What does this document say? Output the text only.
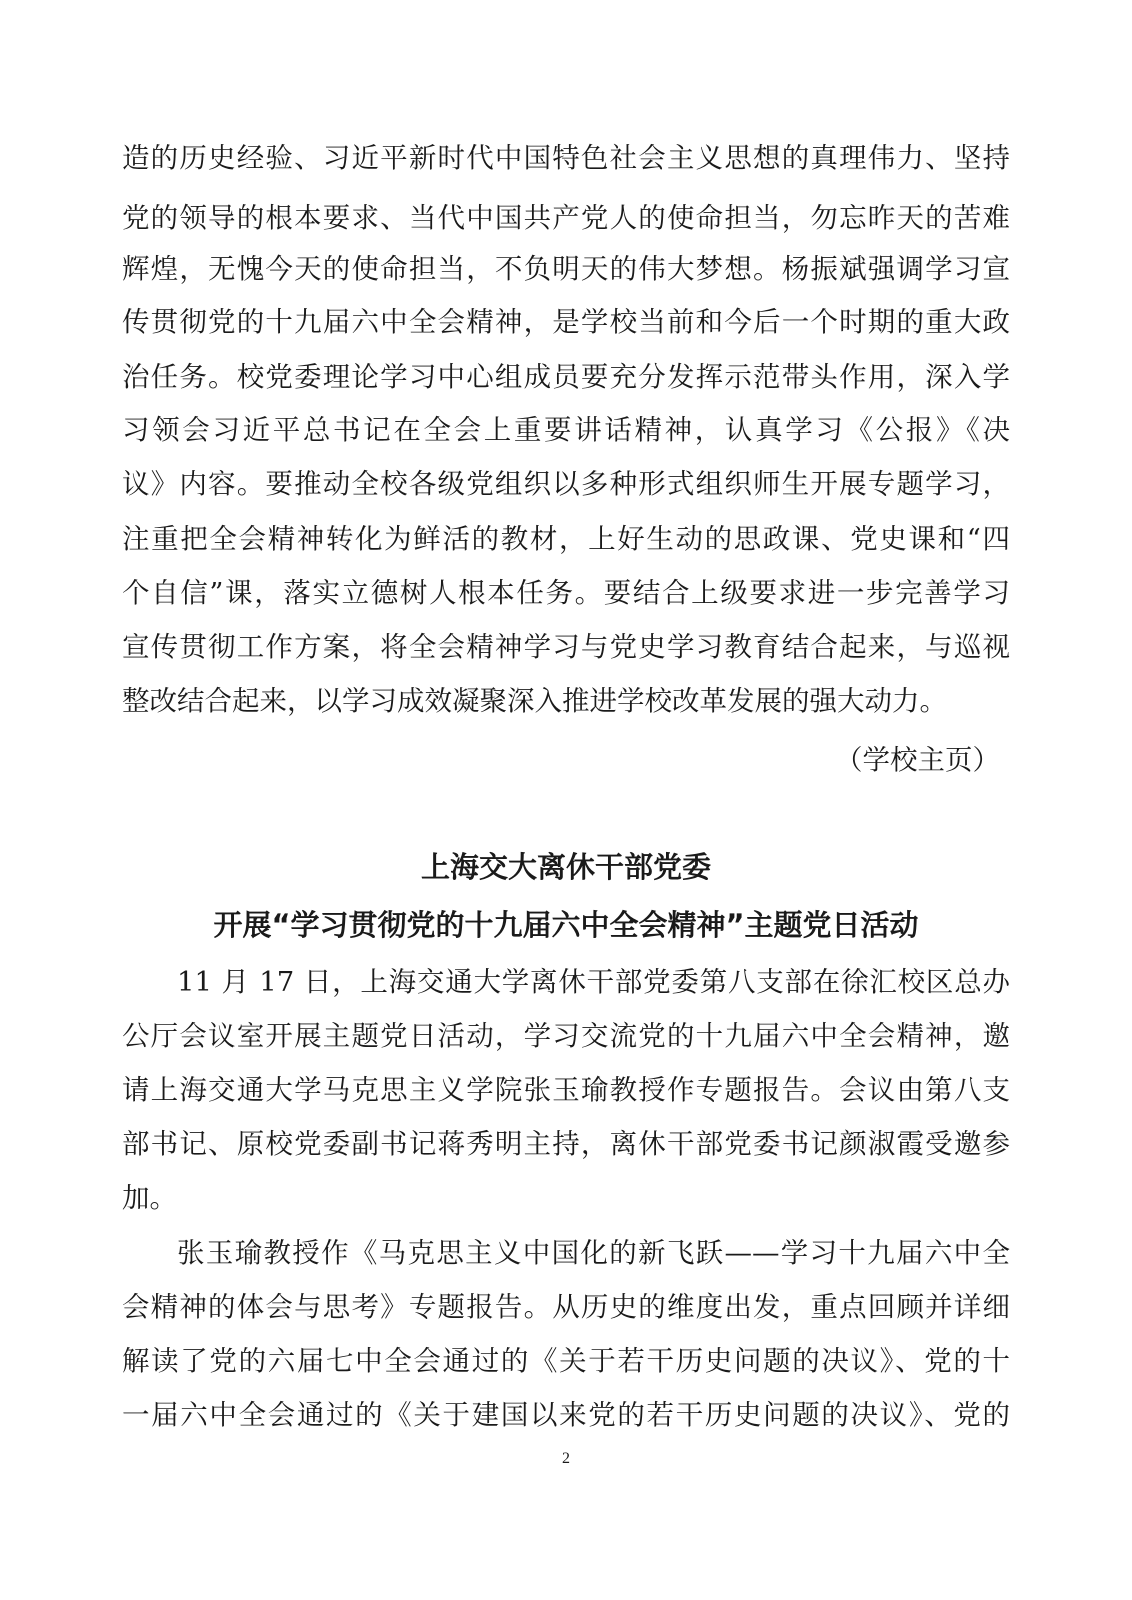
造的历史经验、习近平新时代中国特色社会主义思想的真理伟力、坚持
党的领导的根本要求、当代中国共产党人的使命担当，勿忘昨天的苦难
辉煌，无愧今天的使命担当，不负明天的伟大梦想。杨振斌强调学习宣
传贯彻党的十九届六中全会精神，是学校当前和今后一个时期的重大政
治任务。校党委理论学习中心组成员要充分发挥示范带头作用，深入学
习领会习近平总书记在全会上重要讲话精神，认真学习《公报》《决
议》内容。要推动全校各级党组织以多种形式组织师生开展专题学习，
注重把全会精神转化为鲜活的教材，上好生动的思政课、党史课和“四
个自信”课，落实立德树人根本任务。要结合上级要求进一步完善学习
宣传贯彻工作方案，将全会精神学习与党史学习教育结合起来，与巡视
整改结合起来，以学习成效凝聚深入推进学校改革发展的强大动力。
（学校主页）
上海交大离休干部党委
开展“学习贯彻党的十九届六中全会精神”主题党日活动
11 月 17 日，上海交通大学离休干部党委第八支部在徐汇校区总办
公厅会议室开展主题党日活动，学习交流党的十九届六中全会精神，邀
请上海交通大学马克思主义学院张玉瑜教授作专题报告。会议由第八支
部书记、原校党委副书记蒋秀明主持，离休干部党委书记颜淑霞受邀参
加。
张玉瑜教授作《马克思主义中国化的新飞跃——学习十九届六中全
会精神的体会与思考》专题报告。从历史的维度出发，重点回顾并详细
解读了党的六届七中全会通过的《关于若干历史问题的决议》、党的十
一届六中全会通过的《关于建国以来党的若干历史问题的决议》、党的
2
